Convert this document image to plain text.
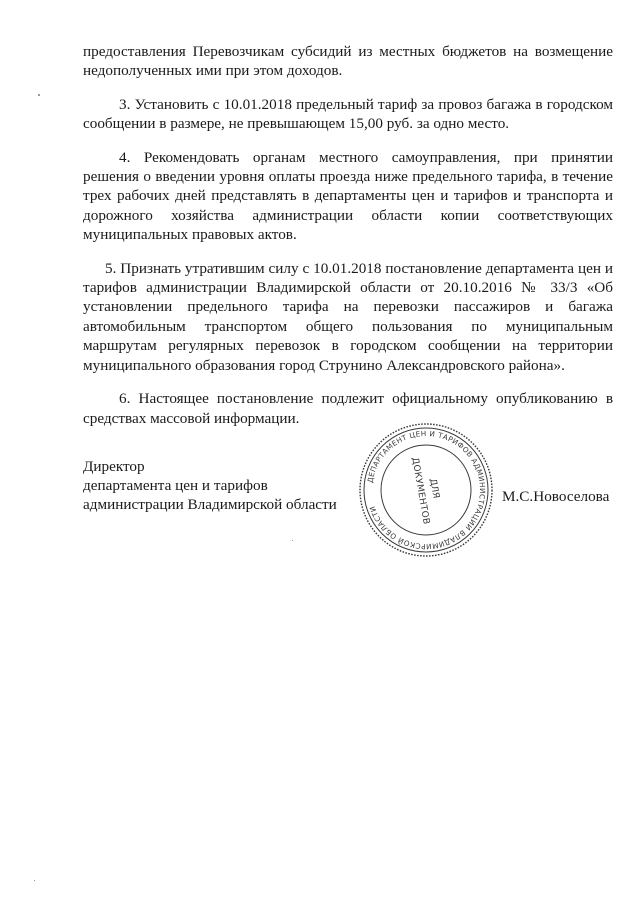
предоставления Перевозчикам субсидий из местных бюджетов на возмещение недополученных ими при этом доходов.

3. Установить с 10.01.2018 предельный тариф за провоз багажа в городском сообщении в размере, не превышающем 15,00 руб. за одно место.

4. Рекомендовать органам местного самоуправления, при принятии решения о введении уровня оплаты проезда ниже предельного тарифа, в течение трех рабочих дней представлять в департаменты цен и тарифов и транспорта и дорожного хозяйства администрации области копии соответствующих муниципальных правовых актов.

5. Признать утратившим силу с 10.01.2018 постановление департамента цен и тарифов администрации Владимирской области от 20.10.2016 № 33/3 «Об установлении предельного тарифа на перевозки пассажиров и багажа автомобильным транспортом общего пользования по муниципальным маршрутам регулярных перевозок в городском сообщении на территории муниципального образования город Струнино Александровского района».

6. Настоящее постановление подлежит официальному опубликованию в средствах массовой информации.

Директор
департамента цен и тарифов
администрации Владимирской области
ДЕПАРТАМЕНТ ЦЕН И ТАРИФОВ АДМИНИСТРАЦИИ ВЛАДИМИРСКОЙ ОБЛАСТИ
ДЛЯ
ДОКУМЕНТОВ	М.С.Новоселова
